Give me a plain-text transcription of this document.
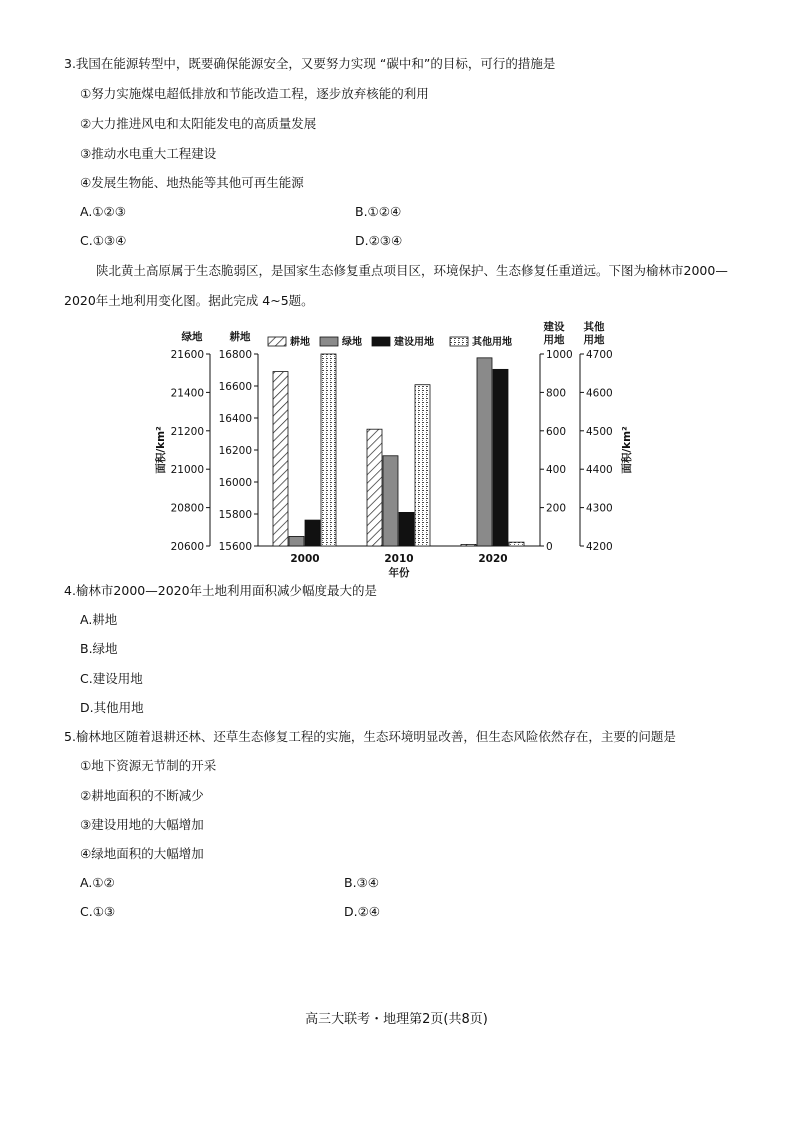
3.我国在能源转型中，既要确保能源安全，又要努力实现 “碳中和”的目标，可行的措施是
①努力实施煤电超低排放和节能改造工程，逐步放弃核能的利用
②大力推进风电和太阳能发电的高质量发展
③推动水电重大工程建设
④发展生物能、地热能等其他可再生能源
A.①②③	B.①②④
C.①③④	D.②③④
陕北黄土高原属于生态脆弱区，是国家生态修复重点项目区，环境保护、生态修复任重道远。下图为榆林市2000—2020年土地利用变化图。据此完成 4~5题。
20600
20800
21000
21200
21400
21600
绿地
15600
15800
16000
16200
16400
16600
16800
耕地
0
200
400
600
800
1000
建设
用地
4200
4300
4400
4500
4600
4700
其他
用地
面积/km²	面积/km²
2000	2010	2020
年份
耕地	绿地	建设用地	其他用地
4.榆林市2000—2020年土地利用面积减少幅度最大的是
A.耕地
B.绿地
C.建设用地
D.其他用地
5.榆林地区随着退耕还林、还草生态修复工程的实施，生态环境明显改善，但生态风险依然存在，主要的问题是
①地下资源无节制的开采
②耕地面积的不断减少
③建设用地的大幅增加
④绿地面积的大幅增加
A.①②	B.③④
C.①③	D.②④
高三大联考・地理第2页(共8页)
